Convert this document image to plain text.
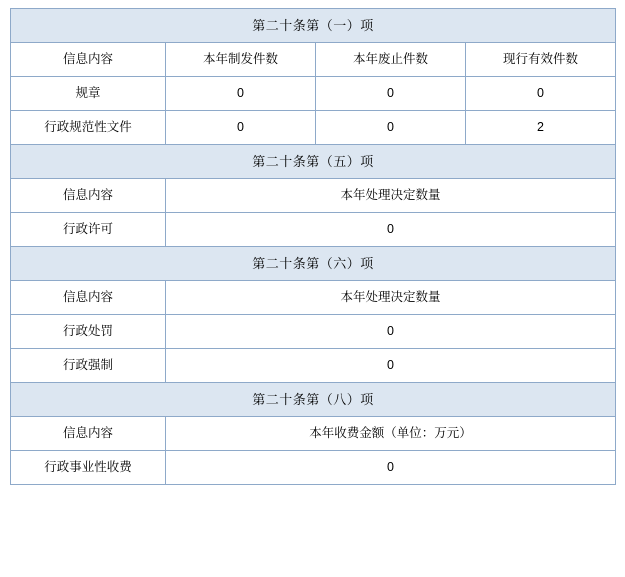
第二十条第（一）项			
信息内容	本年制发件数	本年废止件数	现行有效件数
规章	0	0	0
行政规范性文件	0	0	2
第二十条第（五）项			
信息内容	本年处理决定数量		
行政许可	0		
第二十条第（六）项			
信息内容	本年处理决定数量		
行政处罚	0		
行政强制	0		
第二十条第（八）项			
信息内容	本年收费金额（单位：万元）		
行政事业性收费	0		
